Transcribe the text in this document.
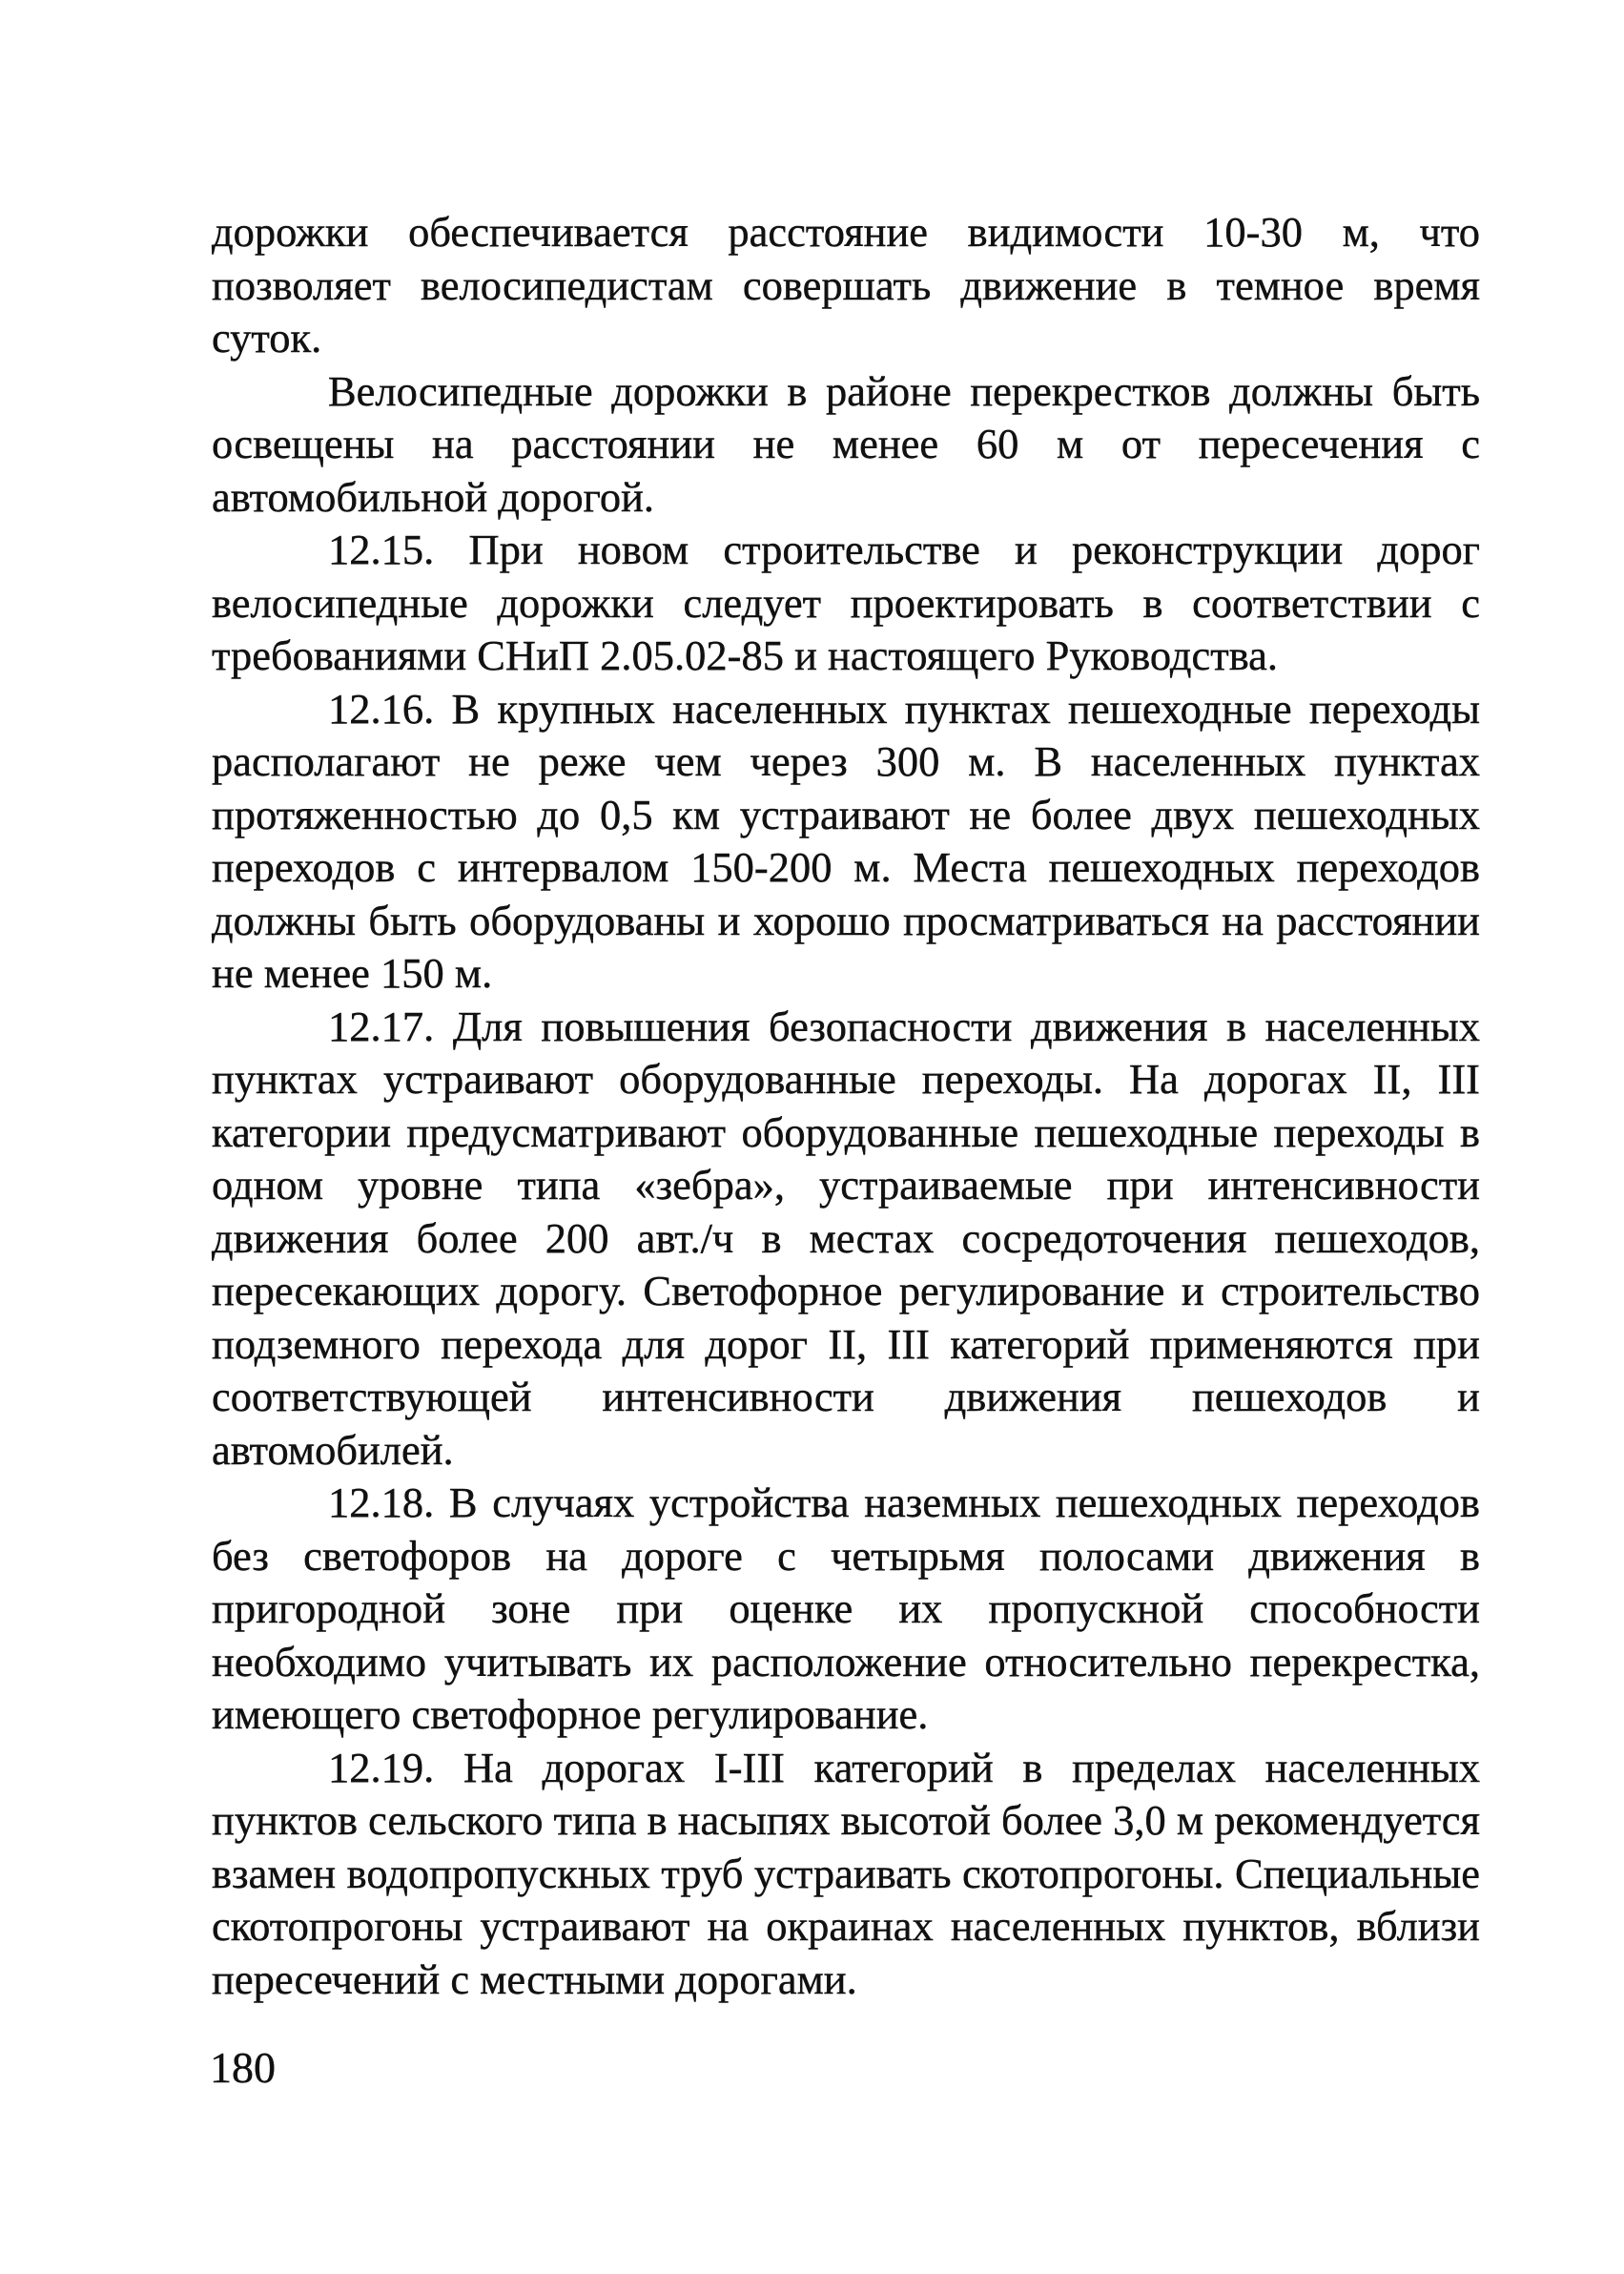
дорожки обеспечивается расстояние видимости 10-30 м, что позволяет велосипедистам совершать движение в темное время суток.

Велосипедные дорожки в районе перекрестков должны быть освещены на расстоянии не менее 60 м от пересечения с автомобильной дорогой.

12.15. При новом строительстве и реконструкции дорог велосипедные дорожки следует проектировать в соответствии с требованиями СНиП 2.05.02-85 и настоящего Руководства.

12.16. В крупных населенных пунктах пешеходные переходы располагают не реже чем через 300 м. В населенных пунктах протяженностью до 0,5 км устраивают не более двух пешеходных переходов с интервалом 150-200 м. Места пешеходных переходов должны быть оборудованы и хорошо просматриваться на расстоянии не менее 150 м.

12.17. Для повышения безопасности движения в населенных пунктах устраивают оборудованные переходы. На дорогах II, III категории предусматривают оборудованные пешеходные переходы в одном уровне типа «зебра», устраиваемые при интенсивности движения более 200 авт./ч в местах сосредоточения пешеходов, пересекающих дорогу. Светофорное регулирование и строительство подземного перехода для дорог II, III категорий применяются при соответствующей интенсивности движения пешеходов и автомобилей.

12.18. В случаях устройства наземных пешеходных переходов без светофоров на дороге с четырьмя полосами движения в пригородной зоне при оценке их пропускной способности необходимо учитывать их расположение относительно перекрестка, имеющего светофорное регулирование.

12.19. На дорогах I-III категорий в пределах населенных пунктов сельского типа в насыпях высотой более 3,0 м рекомендуется взамен водопропускных труб устраивать скотопрогоны. Специальные скотопрогоны устраивают на окраинах населенных пунктов, вблизи пересечений с местными дорогами.

180
